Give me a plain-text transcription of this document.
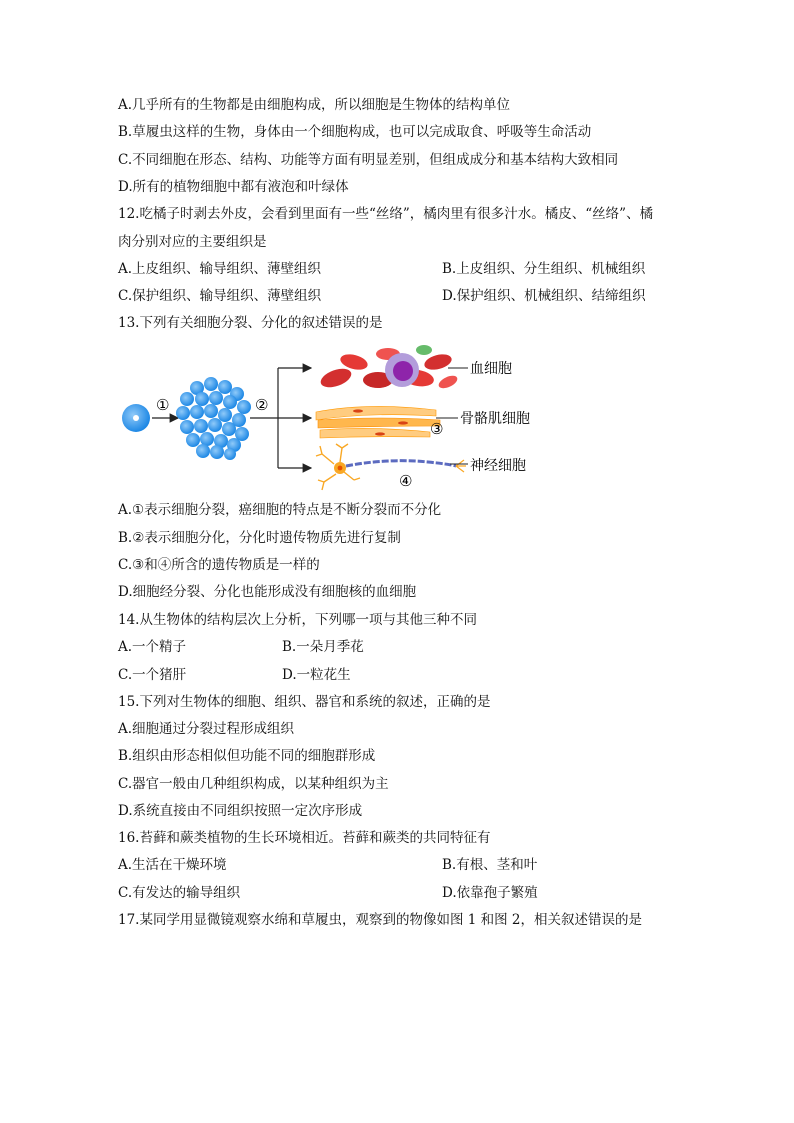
A.几乎所有的生物都是由细胞构成，所以细胞是生物体的结构单位
B.草履虫这样的生物，身体由一个细胞构成，也可以完成取食、呼吸等生命活动
C.不同细胞在形态、结构、功能等方面有明显差别，但组成成分和基本结构大致相同
D.所有的植物细胞中都有液泡和叶绿体
12.吃橘子时剥去外皮，会看到里面有一些“丝络”，橘肉里有很多汁水。橘皮、“丝络”、橘
肉分别对应的主要组织是
A.上皮组织、输导组织、薄壁组织	B.上皮组织、分生组织、机械组织
C.保护组织、输导组织、薄壁组织	D.保护组织、机械组织、结缔组织
13.下列有关细胞分裂、分化的叙述错误的是
①	②
血细胞
骨骼肌细胞
③
神经细胞
④
A.①表示细胞分裂，癌细胞的特点是不断分裂而不分化
B.②表示细胞分化，分化时遗传物质先进行复制
C.③和④所含的遗传物质是一样的
D.细胞经分裂、分化也能形成没有细胞核的血细胞
14.从生物体的结构层次上分析，下列哪一项与其他三种不同
A.一个精子	B.一朵月季花
C.一个猪肝	D.一粒花生
15.下列对生物体的细胞、组织、器官和系统的叙述，正确的是
A.细胞通过分裂过程形成组织
B.组织由形态相似但功能不同的细胞群形成
C.器官一般由几种组织构成，以某种组织为主
D.系统直接由不同组织按照一定次序形成
16.苔藓和蕨类植物的生长环境相近。苔藓和蕨类的共同特征有
A.生活在干燥环境	B.有根、茎和叶
C.有发达的输导组织	D.依靠孢子繁殖
17.某同学用显微镜观察水绵和草履虫，观察到的物像如图 1 和图 2，相关叙述错误的是
